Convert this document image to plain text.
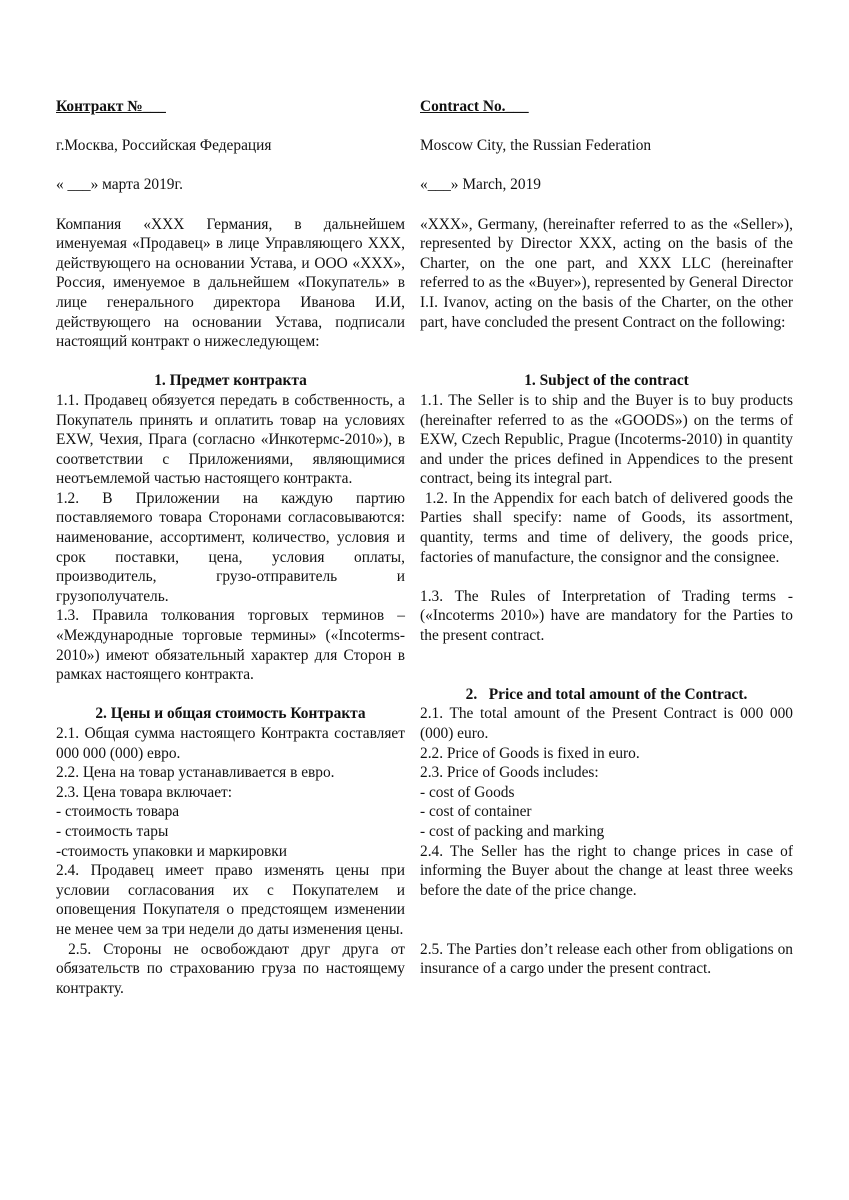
Контракт №___

г.Москва, Российская Федерация

« ___» марта 2019г.

Компания «ХХХ Германия, в дальнейшем именуемая «Продавец» в лице Управляющего ХХХ, действующего на основании Устава, и ООО «ХХХ», Россия, именуемое в дальнейшем «Покупатель» в лице генерального директора Иванова И.И, действующего на основании Устава, подписали настоящий контракт о нижеследующем:

1. Предмет контракта

1.1. Продавец обязуется передать в собственность, а Покупатель принять и оплатить товар на условиях EXW, Чехия, Прага (согласно «Инкотермс-2010»), в соответствии с Приложениями, являющимися неотъемлемой частью настоящего контракта.

1.2. В Приложении на каждую партию поставляемого товара Сторонами согласовываются: наименование, ассортимент, количество, условия и срок поставки, цена, условия оплаты, производитель, грузо-отправитель и грузополучатель.

1.3. Правила толкования торговых терминов – «Международные торговые термины» («Incoterms-2010») имеют обязательный характер для Сторон в рамках настоящего контракта.

2. Цены и общая стоимость Контракта

2.1. Общая сумма настоящего Контракта составляет 000 000 (000) евро.

2.2. Цена на товар устанавливается в евро.

2.3. Цена товара включает:

- стоимость товара

- стоимость тары

-стоимость упаковки и маркировки

2.4. Продавец имеет право изменять цены при условии согласования их с Покупателем и оповещения Покупателя о предстоящем изменении не менее чем за три недели до даты изменения цены.

2.5. Стороны не освобождают друг друга от обязательств по страхованию груза по настоящему контракту.

Contract No.___

Moscow City, the Russian Federation

«___» March, 2019

«XXX», Germany, (hereinafter referred to as the «Seller»), represented by Director XXX, acting on the basis of the Charter, on the one part, and XXX LLC (hereinafter referred to as the «Buyer»), represented by General Director I.I. Ivanov, acting on the basis of the Charter, on the other part, have concluded the present Contract on the following:

1. Subject of the contract

1.1. The Seller is to ship and the Buyer is to buy products (hereinafter referred to as the «GOODS») on the terms of EXW, Czech Republic, Prague (Incoterms-2010) in quantity and under the prices defined in Appendices to the present contract, being its integral part.

1.2. In the Appendix for each batch of delivered goods the Parties shall specify: name of Goods, its assortment, quantity, terms and time of delivery, the goods price, factories of manufacture, the consignor and the consignee.

1.3. The Rules of Interpretation of Trading terms - («Incoterms 2010») have are mandatory for the Parties to the present contract.

2.   Price and total amount of the Contract.

2.1. The total amount of the Present Contract is 000 000 (000) euro.

2.2. Price of Goods is fixed in euro.

2.3. Price of Goods includes:

- cost of Goods

- cost of container

- cost of packing and marking

2.4. The Seller has the right to change prices in case of informing the Buyer about the change at least three weeks before the date of the price change.

2.5. The Parties don’t release each other from obligations on insurance of a cargo under the present contract.
